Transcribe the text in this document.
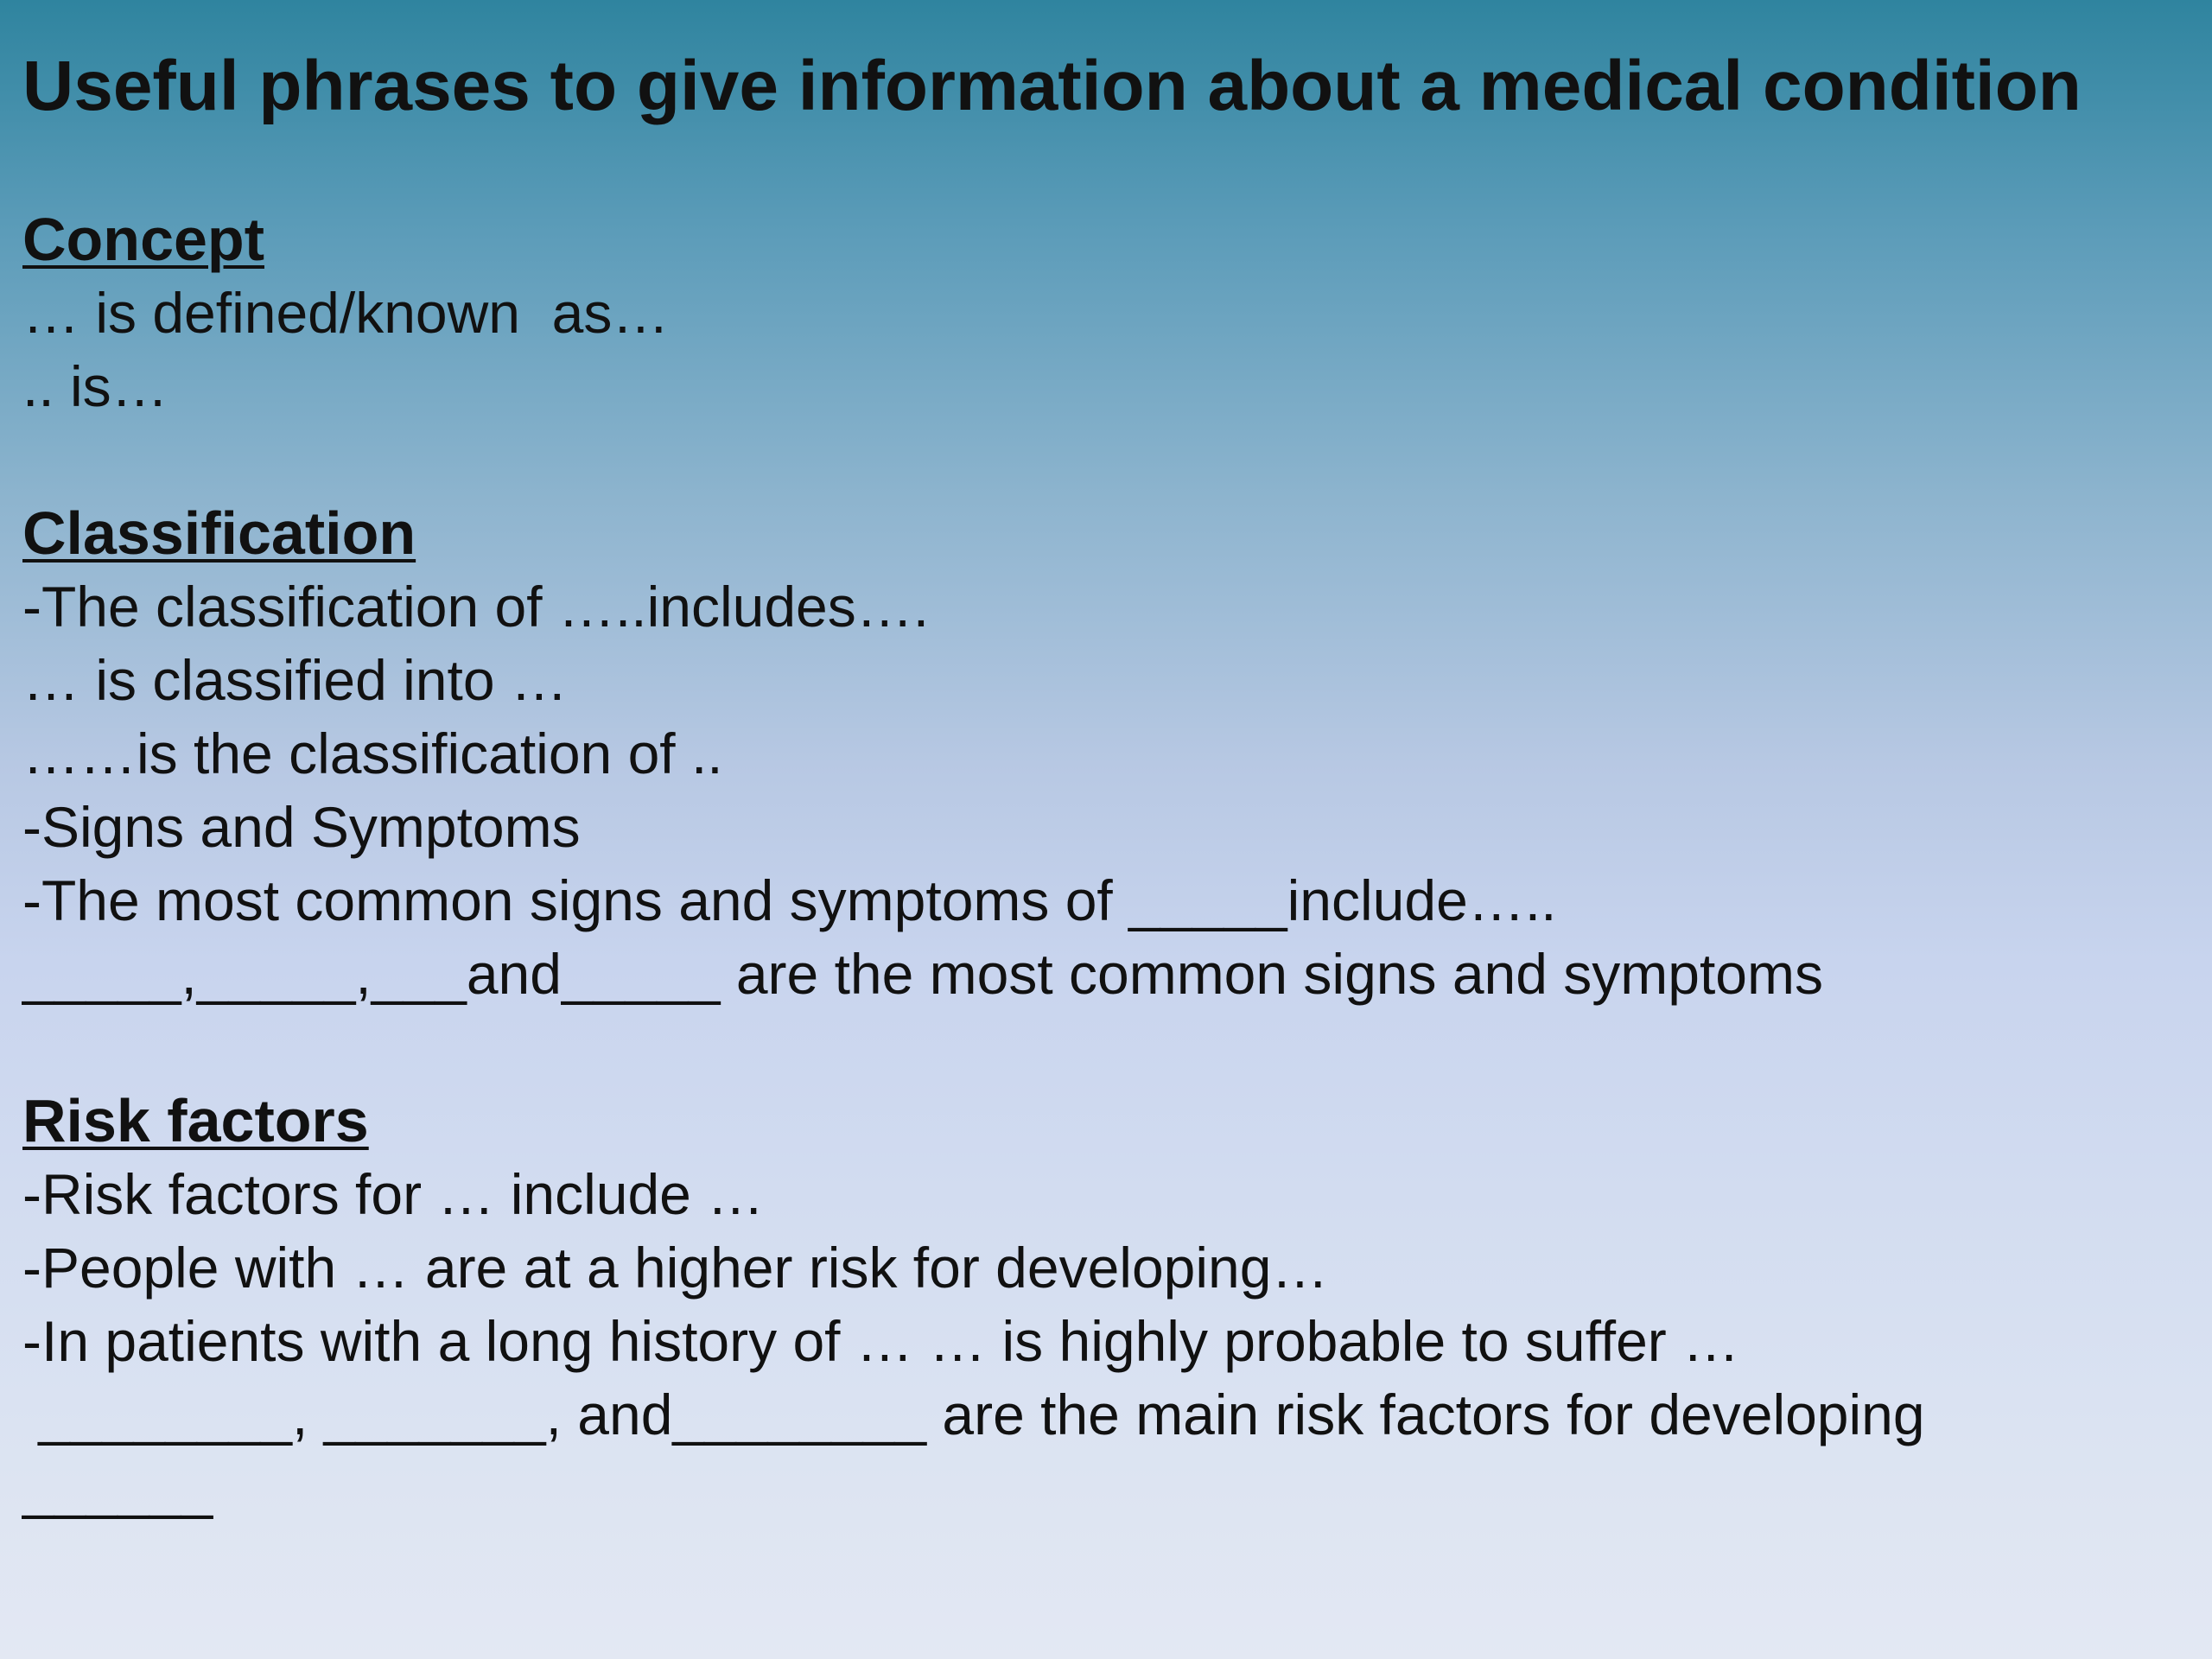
Useful phrases to give information about a medical condition
Concept
… is defined/known  as…
.. is…
Classification
-The classification of …..includes….
… is classified into …
……is the classification of ..
-Signs and Symptoms
-The most common signs and symptoms of _____include…..
_____,_____,___and_____ are the most common signs and symptoms
Risk factors
-Risk factors for … include …
-People with … are at a higher risk for developing…
-In patients with a long history of … … is highly probable to suffer …
________, _______, and________ are the main risk factors for developing
______
